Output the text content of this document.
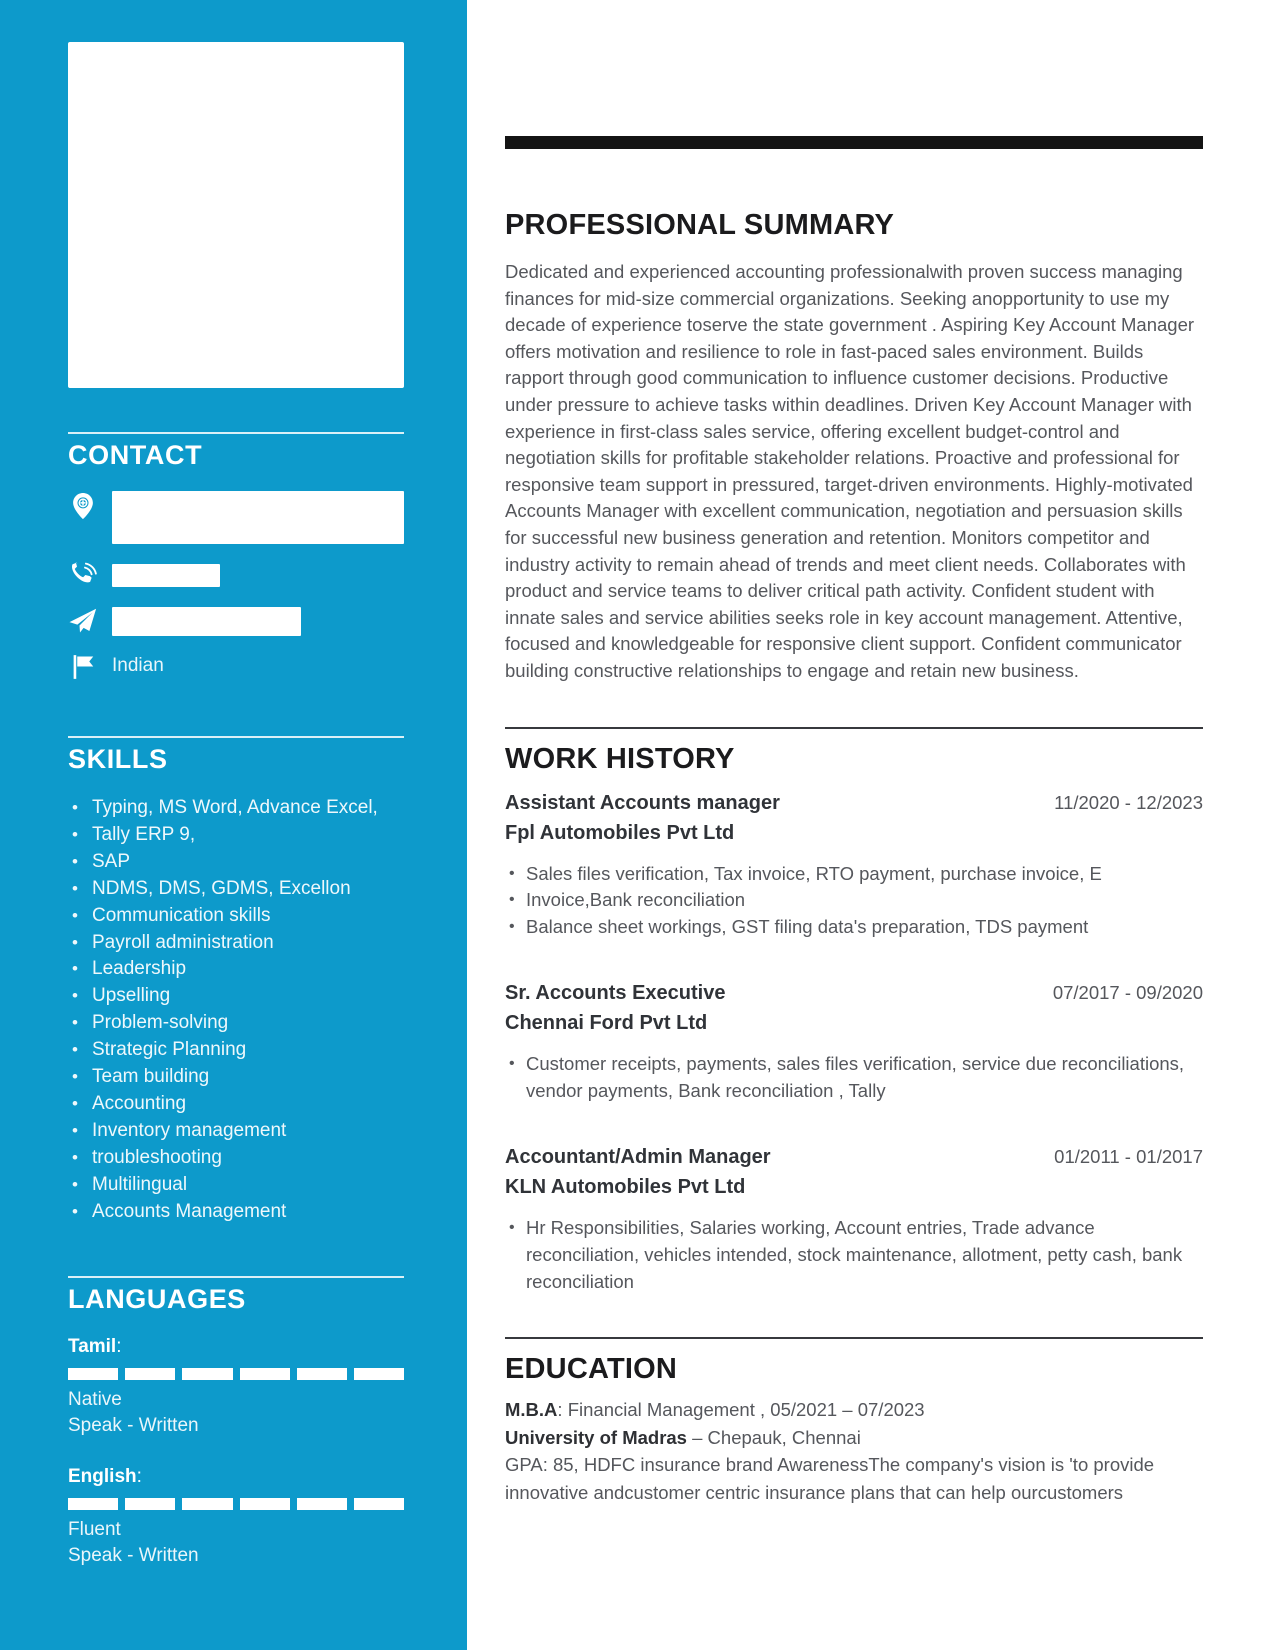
CONTACT
Indian
SKILLS
• Typing, MS Word, Advance Excel,
• Tally ERP 9,
• SAP
• NDMS, DMS, GDMS, Excellon
• Communication skills
• Payroll administration
• Leadership
• Upselling
• Problem-solving
• Strategic Planning
• Team building
• Accounting
• Inventory management
• troubleshooting
• Multilingual
• Accounts Management
LANGUAGES
Tamil:
Native
Speak - Written
English:
Fluent
Speak - Written
PROFESSIONAL SUMMARY

Dedicated and experienced accounting professionalwith proven success managing finances for mid-size commercial organizations. Seeking anopportunity to use my decade of experience toserve the state government . Aspiring Key Account Manager offers motivation and resilience to role in fast-paced sales environment. Builds rapport through good communication to influence customer decisions. Productive under pressure to achieve tasks within deadlines. Driven Key Account Manager with experience in first-class sales service, offering excellent budget-control and negotiation skills for profitable stakeholder relations. Proactive and professional for responsive team support in pressured, target-driven environments. Highly-motivated Accounts Manager with excellent communication, negotiation and persuasion skills for successful new business generation and retention. Monitors competitor and industry activity to remain ahead of trends and meet client needs. Collaborates with product and service teams to deliver critical path activity. Confident student with innate sales and service abilities seeks role in key account management. Attentive, focused and knowledgeable for responsive client support. Confident communicator building constructive relationships to engage and retain new business.

WORK HISTORY
Assistant Accounts manager	11/2020 - 12/2023
Fpl Automobiles Pvt Ltd
• Sales files verification, Tax invoice, RTO payment, purchase invoice, E
• Invoice,Bank reconciliation
• Balance sheet workings, GST filing data's preparation, TDS payment
Sr. Accounts Executive	07/2017 - 09/2020
Chennai Ford Pvt Ltd
• Customer receipts, payments, sales files verification, service due reconciliations, vendor payments, Bank reconciliation , Tally
Accountant/Admin Manager	01/2011 - 01/2017
KLN Automobiles Pvt Ltd
• Hr Responsibilities, Salaries working, Account entries, Trade advance reconciliation, vehicles intended, stock maintenance, allotment, petty cash, bank reconciliation
EDUCATION

M.B.A: Financial Management , 05/2021 – 07/2023

University of Madras – Chepauk, Chennai

GPA: 85, HDFC insurance brand AwarenessThe company's vision is 'to provide innovative andcustomer centric insurance plans that can help ourcustomers
